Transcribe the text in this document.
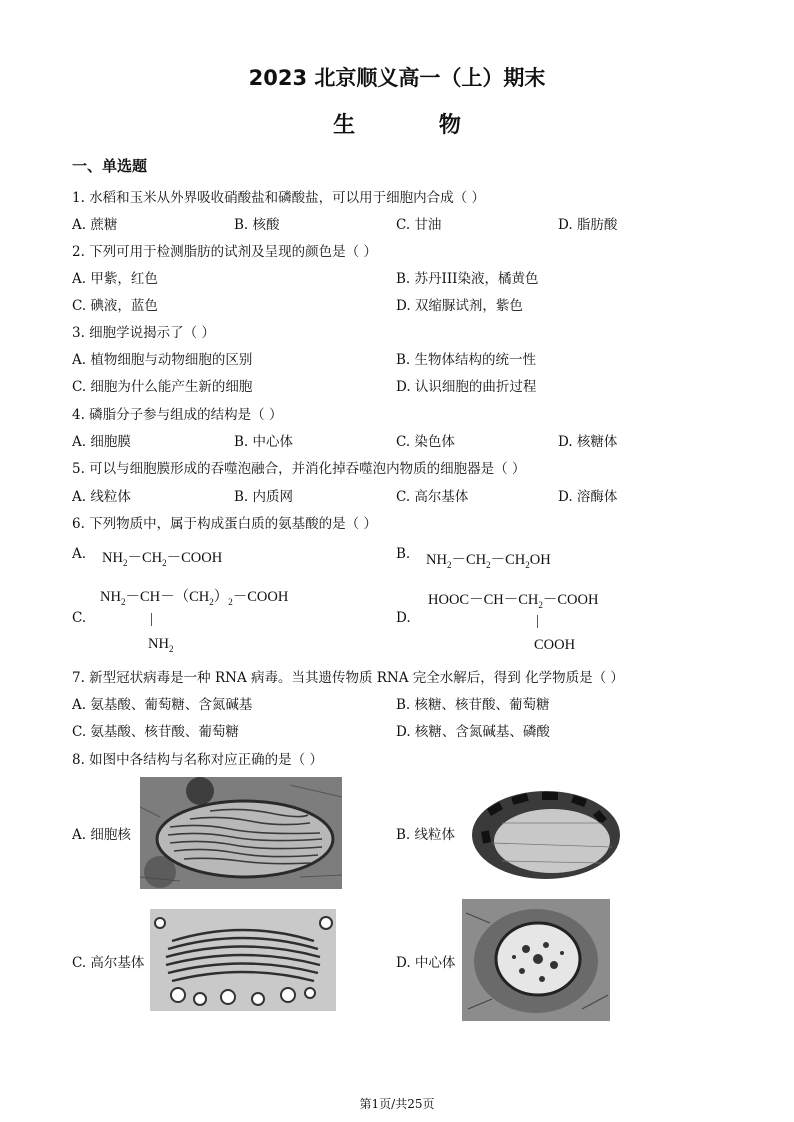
2023 北京顺义高一（上）期末
生 物
一、单选题
1. 水稻和玉米从外界吸收硝酸盐和磷酸盐，可以用于细胞内合成（ ）
A. 蔗糖	B. 核酸	C. 甘油	D. 脂肪酸
2. 下列可用于检测脂肪的试剂及呈现的颜色是（ ）
A. 甲紫，红色	B. 苏丹III染液，橘黄色
C. 碘液，蓝色	D. 双缩脲试剂，紫色
3. 细胞学说揭示了（ ）
A. 植物细胞与动物细胞的区别	B. 生物体结构的统一性
C. 细胞为什么能产生新的细胞	D. 认识细胞的曲折过程
4. 磷脂分子参与组成的结构是（ ）
A. 细胞膜	B. 中心体	C. 染色体	D. 核糖体
5. 可以与细胞膜形成的吞噬泡融合，并消化掉吞噬泡内物质的细胞器是（ ）
A. 线粒体	B. 内质网	C. 高尔基体	D. 溶酶体
6. 下列物质中，属于构成蛋白质的氨基酸的是（ ）
A. $NH_2-CH_2-COOH$	B. $NH_2-CH_2-CH_2OH$
C.
$NH_2-CH-(CH_2)_2-COOH$
|
$NH_2$
D.
$HOOC-CH-CH_2-COOH$
|
COOH
7. 新型冠状病毒是一种 RNA 病毒。当其遗传物质 RNA 完全水解后，得到 化学物质是（ ）
A. 氨基酸、葡萄糖、含氮碱基	B. 核糖、核苷酸、葡萄糖
C. 氨基酸、核苷酸、葡萄糖	D. 核糖、含氮碱基、磷酸
8. 如图中各结构与名称对应正确的是（ ）
A. 细胞核	B. 线粒体
C. 高尔基体	D. 中心体
第1页/共25页
